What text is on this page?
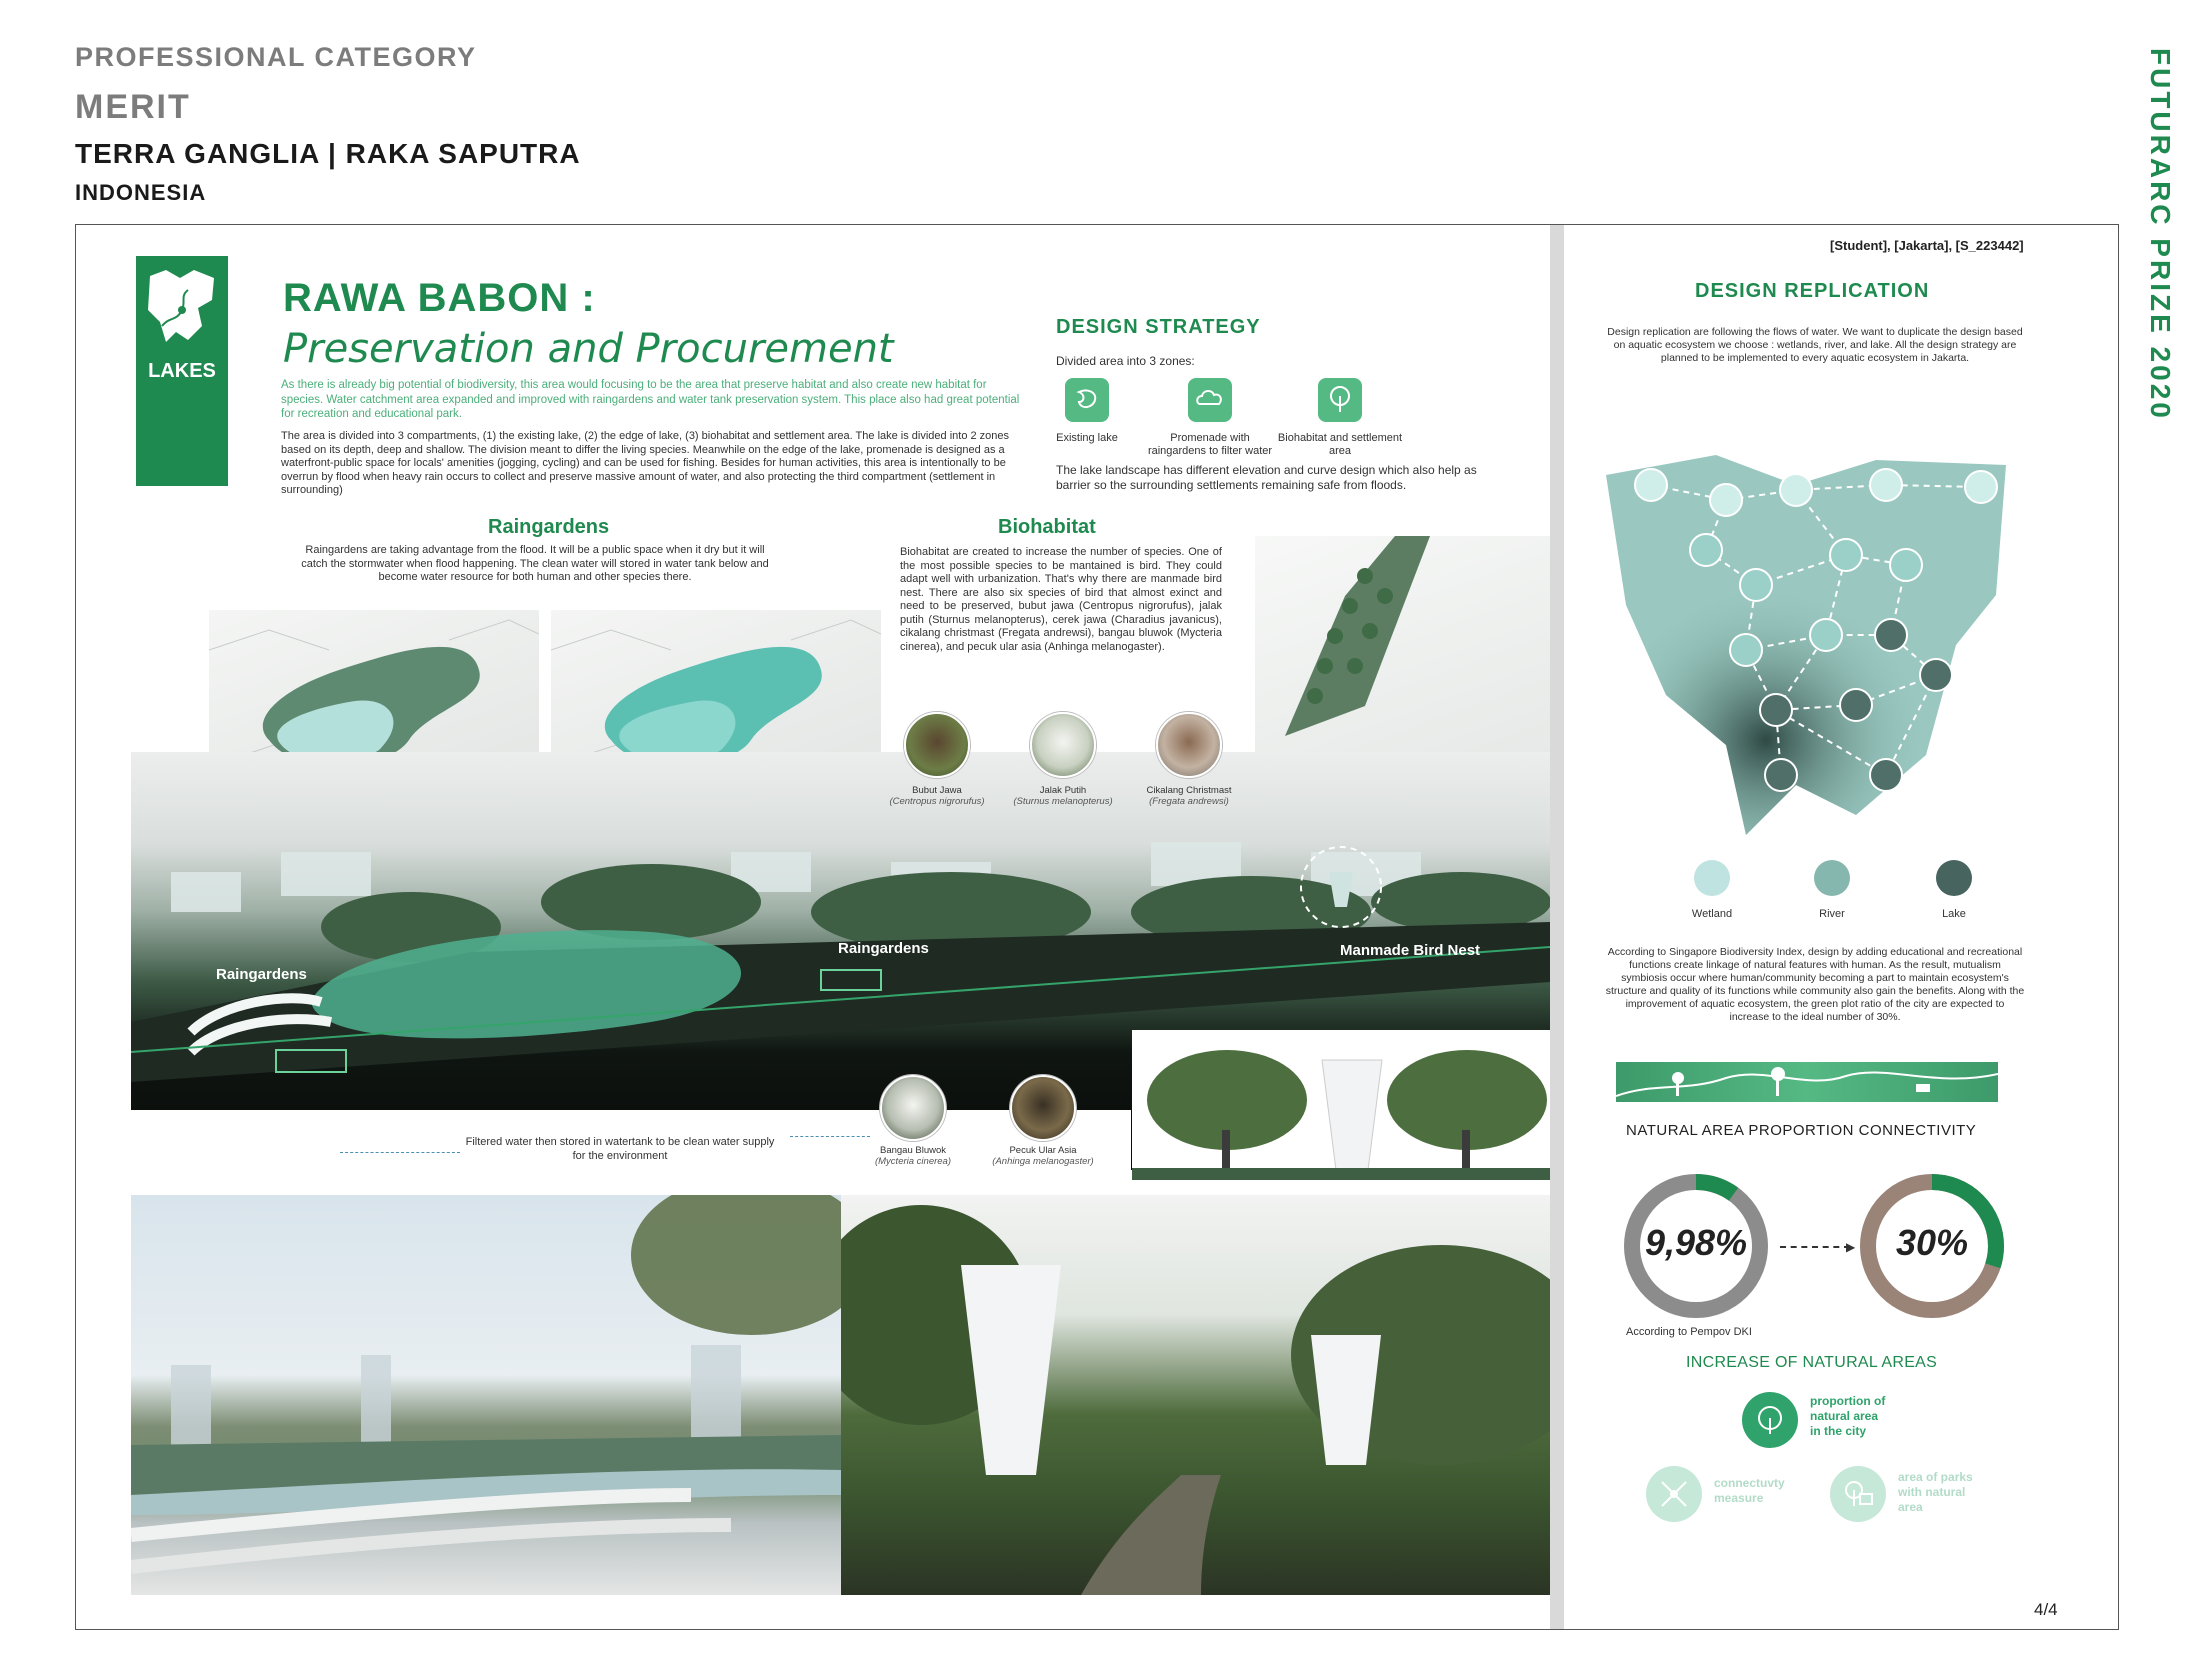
PROFESSIONAL CATEGORY
MERIT
TERRA GANGLIA | RAKA SAPUTRA
INDONESIA	FUTURARC PRIZE 2020
LAKES
RAWA BABON :
Preservation and Procurement
As there is already big potential of biodiversity, this area would focusing to be the area that preserve habitat and also create new habitat for species. Water catchment area expanded and improved with raingardens and water tank preservation system. This place also had great potential for recreation and educational park.
The area is divided into 3 compartments, (1) the existing lake, (2) the edge of lake, (3) biohabitat and settlement area. The lake is divided into 2 zones based on its depth, deep and shallow. The division meant to differ the living species. Meanwhile on the edge of the lake, promenade is designed as a waterfront-public space for locals' amenities (jogging, cycling) and can be used for fishing. Besides for human activities, this area is intentionally to be overrun by flood when heavy rain occurs to collect and preserve massive amount of water, and also protecting the third compartment (settlement in surrounding)
DESIGN STRATEGY
Divided area into 3 zones:
Existing lake	Promenade with raingardens to filter water
Biohabitat and settlement area
The lake landscape has different elevation and curve design which also help as barrier so the surrounding settlements remaining safe from floods.
Raingardens
Raingardens are taking advantage from the flood. It will be a public space when it dry but it will catch the stormwater when flood happening. The clean water will stored in water tank below and become water resource for both human and other species there.
Biohabitat
Biohabitat are created to increase the number of species. One of the most possible species to be mantained is bird. They could adapt well with urbanization. That's why there are manmade bird nest. There are also six species of bird that almost exinct and need to be preserved, bubut jawa (Centropus nigrorufus), jalak putih (Sturnus melanopterus), cerek jawa (Charadius javanicus), cikalang christmast (Fregata andrewsi), bangau bluwok (Mycteria cinerea), and pecuk ular asia (Anhinga melanogaster).
Raingardens
Raingardens	Manmade Bird Nest
Filtered water then stored in watertank to be clean water supply for the environment
Bubut Jawa
(Centropus nigrorufus)
Jalak Putih
(Sturnus melanopterus)
Cikalang Christmast
(Fregata andrewsi)
Bangau Bluwok
(Mycteria cinerea)
Pecuk Ular Asia
(Anhinga melanogaster)
[Student], [Jakarta], [S_223442]
DESIGN REPLICATION
Design replication are following the flows of water. We want to duplicate the design based on aquatic ecosystem we choose : wetlands, river, and lake. All the design strategy are planned to be implemented to every aquatic ecosystem in Jakarta.
Wetland	River	Lake
According to Singapore Biodiversity Index, design by adding educational and recreational functions create linkage of natural features with human. As the result, mutualism symbiosis occur where human/community becoming a part to maintain ecosystem's structure and quality of its functions while community also gain the benefits. Along with the improvement of aquatic ecosystem, the green plot ratio of the city are expected to increase to the ideal number of 30%.
NATURAL AREA PROPORTION CONNECTIVITY
9,98%	▶	30%
According to Pempov DKI
INCREASE OF NATURAL AREAS
proportion of
natural area
in the city
connectuvty
measure
area of parks
with natural
area
4/4
